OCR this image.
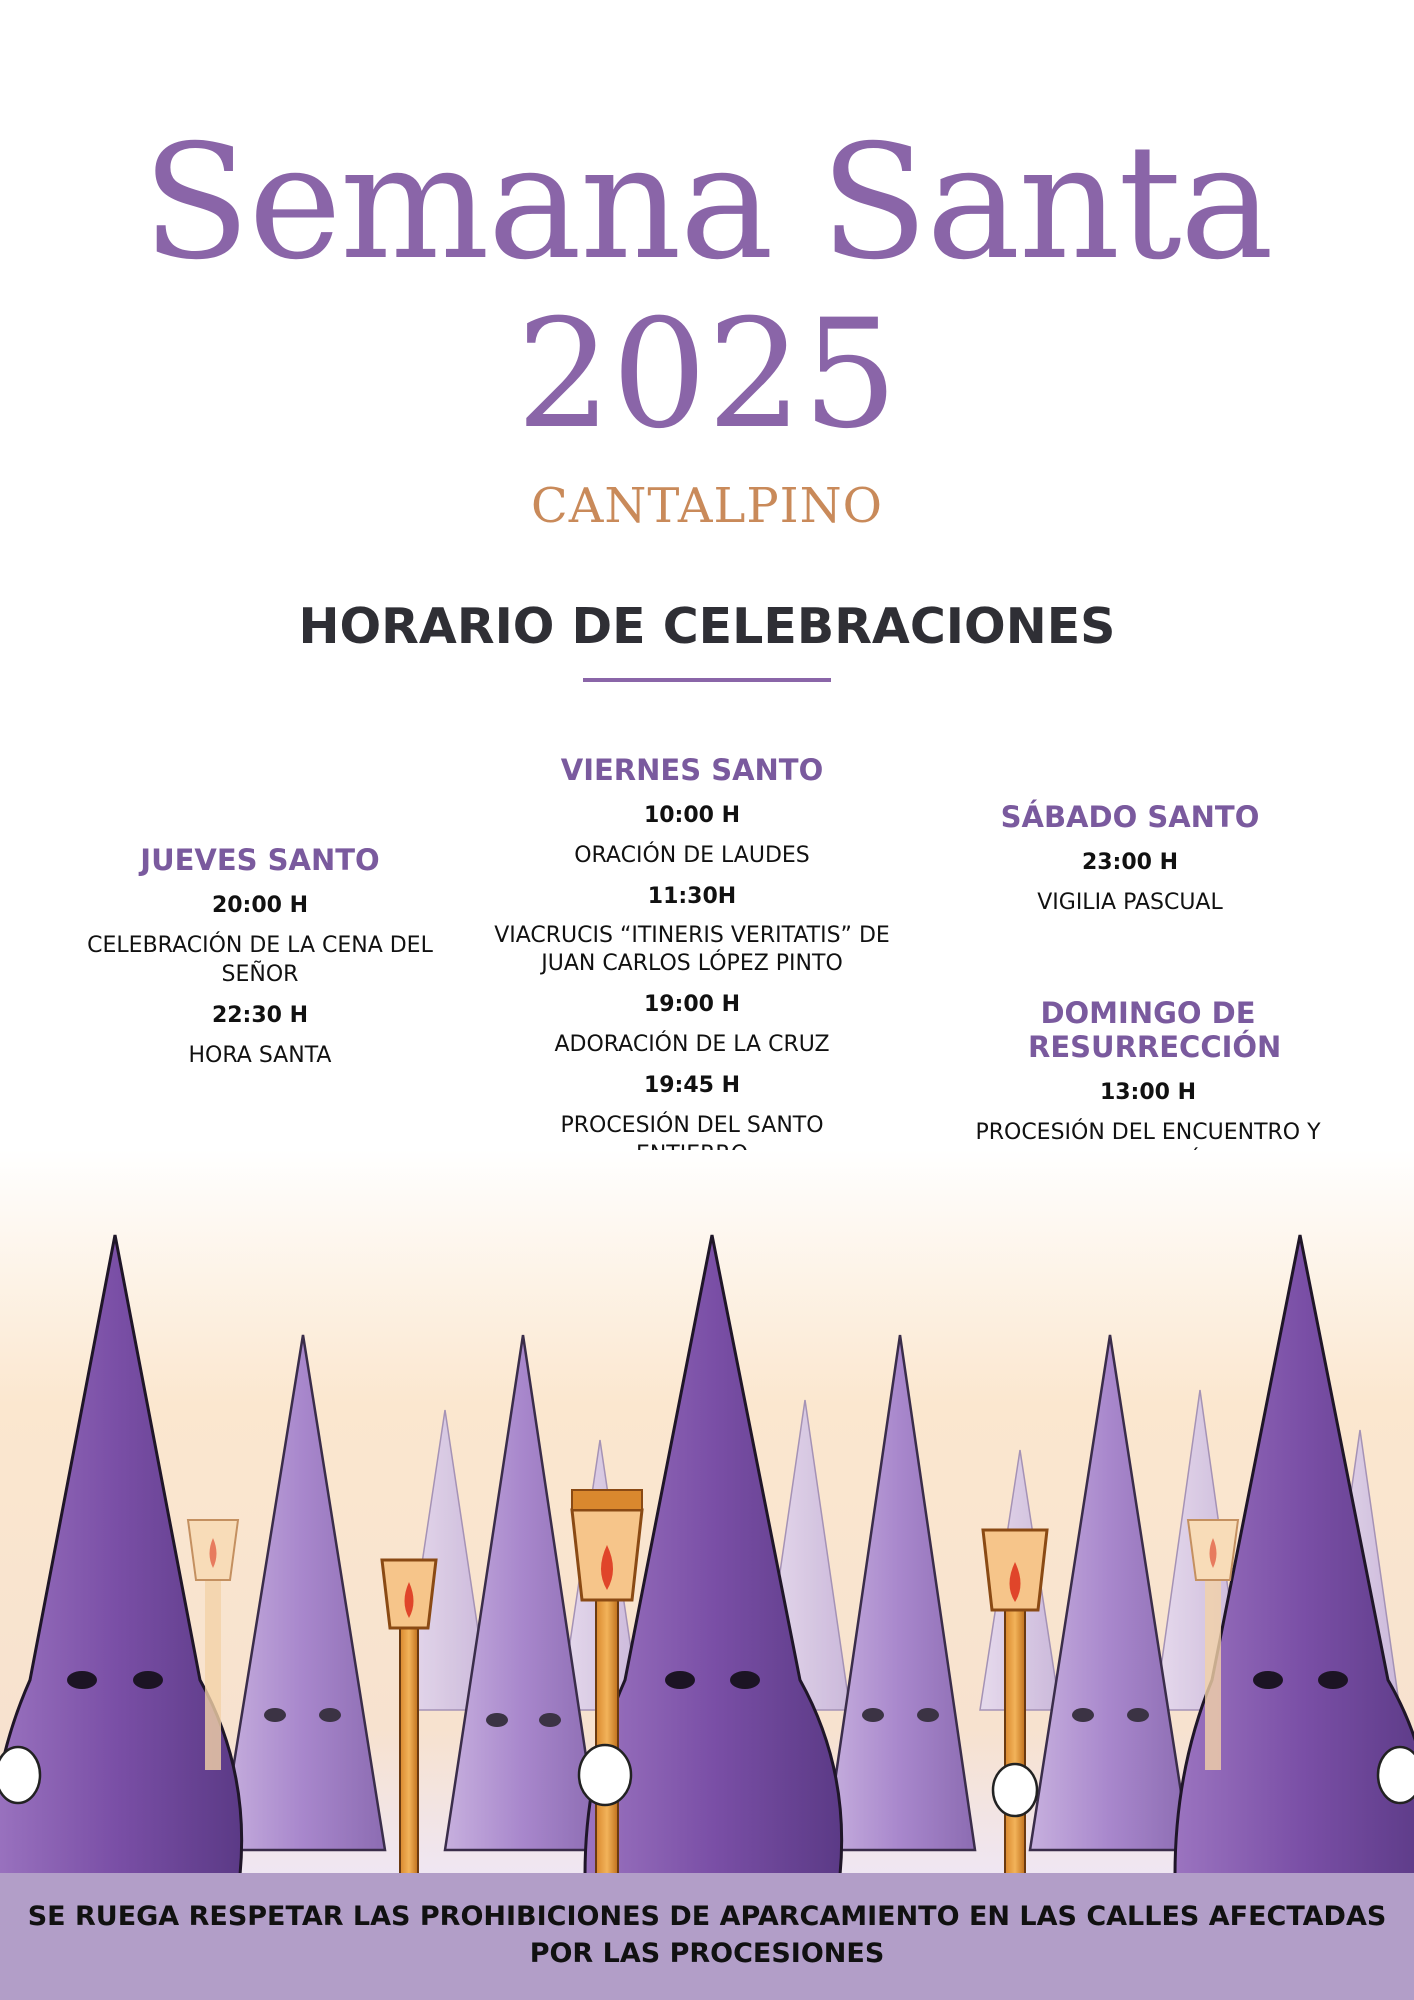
Semana Santa
2025
CANTALPINO
HORARIO DE CELEBRACIONES
JUEVES SANTO
20:00 H
CELEBRACIÓN DE LA CENA DEL SEÑOR
22:30 H
HORA SANTA
VIERNES SANTO
10:00 H
ORACIÓN DE LAUDES
11:30H
VIACRUCIS “ITINERIS VERITATIS” DE JUAN CARLOS LÓPEZ PINTO
19:00 H
ADORACIÓN DE LA CRUZ
19:45 H
PROCESIÓN DEL SANTO
SÁBADO SANTO
23:00 H
VIGILIA PASCUAL
DOMINGO DE RESURRECCIÓN
13:00 H
PROCESIÓN DEL ENCUENTRO Y
SE RUEGA RESPETAR LAS PROHIBICIONES DE APARCAMIENTO EN LAS CALLES AFECTADAS POR LAS PROCESIONES
